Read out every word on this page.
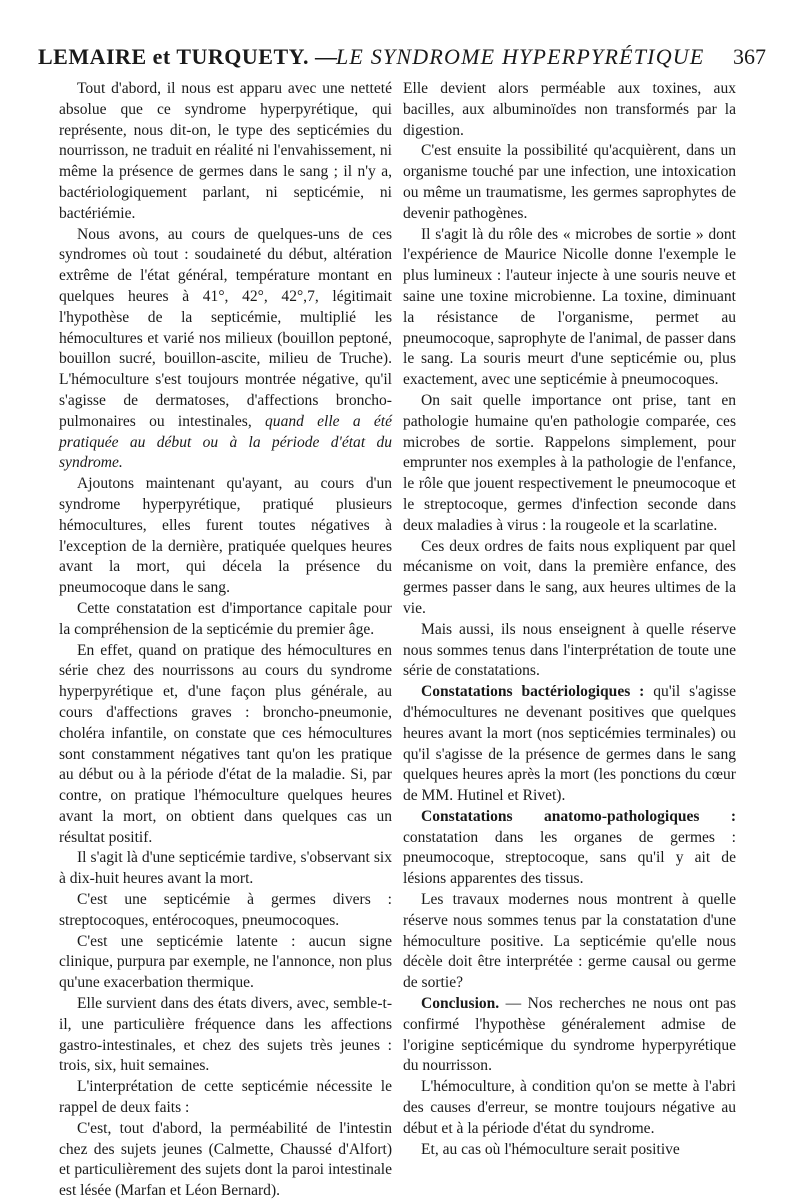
LEMAIRE et TURQUETY. —
LE SYNDROME HYPERPYRÉTIQUE 367

Tout d'abord, il nous est apparu avec une netteté absolue que ce syndrome hyperpyrétique, qui représente, nous dit-on, le type des septicémies du nourrisson, ne traduit en réalité ni l'envahissement, ni même la présence de germes dans le sang ; il n'y a, bactériologiquement parlant, ni septicémie, ni bactériémie.

Nous avons, au cours de quelques-uns de ces syndromes où tout : soudaineté du début, altération extrême de l'état général, température montant en quelques heures à 41°, 42°, 42°,7, légitimait l'hypothèse de la septicémie, multiplié les hémocultures et varié nos milieux (bouillon peptoné, bouillon sucré, bouillon-ascite, milieu de Truche). L'hémoculture s'est toujours montrée négative, qu'il s'agisse de dermatoses, d'affections broncho-pulmonaires ou intestinales, quand elle a été pratiquée au début ou à la période d'état du syndrome.

Ajoutons maintenant qu'ayant, au cours d'un syndrome hyperpyrétique, pratiqué plusieurs hémocultures, elles furent toutes négatives à l'exception de la dernière, pratiquée quelques heures avant la mort, qui décela la présence du pneumocoque dans le sang.

Cette constatation est d'importance capitale pour la compréhension de la septicémie du premier âge.

En effet, quand on pratique des hémocultures en série chez des nourrissons au cours du syndrome hyperpyrétique et, d'une façon plus générale, au cours d'affections graves : broncho-pneumonie, choléra infantile, on constate que ces hémocultures sont constamment négatives tant qu'on les pratique au début ou à la période d'état de la maladie. Si, par contre, on pratique l'hémoculture quelques heures avant la mort, on obtient dans quelques cas un résultat positif.

Il s'agit là d'une septicémie tardive, s'observant six à dix-huit heures avant la mort.

C'est une septicémie à germes divers : streptocoques, entérocoques, pneumocoques.

C'est une septicémie latente : aucun signe clinique, purpura par exemple, ne l'annonce, non plus qu'une exacerbation thermique.

Elle survient dans des états divers, avec, semble-t-il, une particulière fréquence dans les affections gastro-intestinales, et chez des sujets très jeunes : trois, six, huit semaines.

L'interprétation de cette septicémie nécessite le rappel de deux faits :

C'est, tout d'abord, la perméabilité de l'intestin chez des sujets jeunes (Calmette, Chaussé d'Alfort) et particulièrement des sujets dont la paroi intestinale est lésée (Marfan et Léon Bernard).

Elle devient alors perméable aux toxines, aux bacilles, aux albuminoïdes non transformés par la digestion.

C'est ensuite la possibilité qu'acquièrent, dans un organisme touché par une infection, une intoxication ou même un traumatisme, les germes saprophytes de devenir pathogènes.

Il s'agit là du rôle des « microbes de sortie » dont l'expérience de Maurice Nicolle donne l'exemple le plus lumineux : l'auteur injecte à une souris neuve et saine une toxine microbienne. La toxine, diminuant la résistance de l'organisme, permet au pneumocoque, saprophyte de l'animal, de passer dans le sang. La souris meurt d'une septicémie ou, plus exactement, avec une septicémie à pneumocoques.

On sait quelle importance ont prise, tant en pathologie humaine qu'en pathologie comparée, ces microbes de sortie. Rappelons simplement, pour emprunter nos exemples à la pathologie de l'enfance, le rôle que jouent respectivement le pneumocoque et le streptocoque, germes d'infection seconde dans deux maladies à virus : la rougeole et la scarlatine.

Ces deux ordres de faits nous expliquent par quel mécanisme on voit, dans la première enfance, des germes passer dans le sang, aux heures ultimes de la vie.

Mais aussi, ils nous enseignent à quelle réserve nous sommes tenus dans l'interprétation de toute une série de constatations.

Constatations bactériologiques : qu'il s'agisse d'hémocultures ne devenant positives que quelques heures avant la mort (nos septicémies terminales) ou qu'il s'agisse de la présence de germes dans le sang quelques heures après la mort (les ponctions du cœur de MM. Hutinel et Rivet).

Constatations anatomo-pathologiques : constatation dans les organes de germes : pneumocoque, streptocoque, sans qu'il y ait de lésions apparentes des tissus.

Les travaux modernes nous montrent à quelle réserve nous sommes tenus par la constatation d'une hémoculture positive. La septicémie qu'elle nous décèle doit être interprétée : germe causal ou germe de sortie?

Conclusion. — Nos recherches ne nous ont pas confirmé l'hypothèse généralement admise de l'origine septicémique du syndrome hyperpyrétique du nourrisson.

L'hémoculture, à condition qu'on se mette à l'abri des causes d'erreur, se montre toujours négative au début et à la période d'état du syndrome.

Et, au cas où l'hémoculture serait positive
